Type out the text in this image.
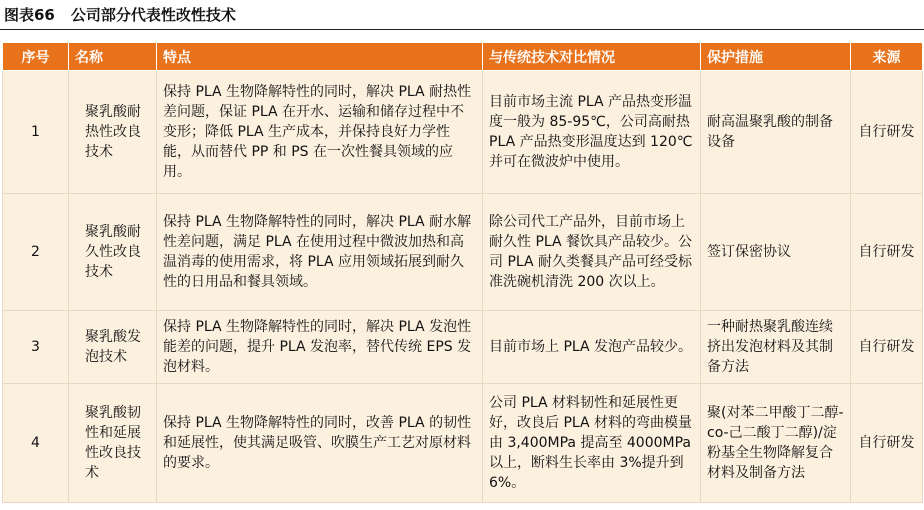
图表66 公司部分代表性改性技术
序号	名称	特点	与传统技术对比情况	保护措施	来源
1	聚乳酸耐热性改良技术	保持 PLA 生物降解特性的同时，解决 PLA 耐热性差问题，保证 PLA 在开水、运输和储存过程中不变形；降低 PLA 生产成本，并保持良好力学性能，从而替代 PP 和 PS 在一次性餐具领域的应用。	目前市场主流 PLA 产品热变形温度一般为 85-95℃，公司高耐热 PLA 产品热变形温度达到 120℃并可在微波炉中使用。	耐高温聚乳酸的制备设备	自行研发
2	聚乳酸耐久性改良技术	保持 PLA 生物降解特性的同时，解决 PLA 耐水解性差问题，满足 PLA 在使用过程中微波加热和高温消毒的使用需求，将 PLA 应用领域拓展到耐久性的日用品和餐具领域。	除公司代工产品外，目前市场上耐久性 PLA 餐饮具产品较少。公司 PLA 耐久类餐具产品可经受标准洗碗机清洗 200 次以上。	签订保密协议	自行研发
3	聚乳酸发泡技术	保持 PLA 生物降解特性的同时，解决 PLA 发泡性能差的问题，提升 PLA 发泡率，替代传统 EPS 发泡材料。	目前市场上 PLA 发泡产品较少。	一种耐热聚乳酸连续挤出发泡材料及其制备方法	自行研发
4	聚乳酸韧性和延展性改良技术	保持 PLA 生物降解特性的同时，改善 PLA 的韧性和延展性，使其满足吸管、吹膜生产工艺对原材料的要求。	公司 PLA 材料韧性和延展性更好，改良后 PLA 材料的弯曲模量由 3,400MPa 提高至 4000MPa 以上，断料生长率由 3%提升到 6%。	聚(对苯二甲酸丁二醇-co-己二酸丁二醇)/淀粉基全生物降解复合材料及制备方法	自行研发
